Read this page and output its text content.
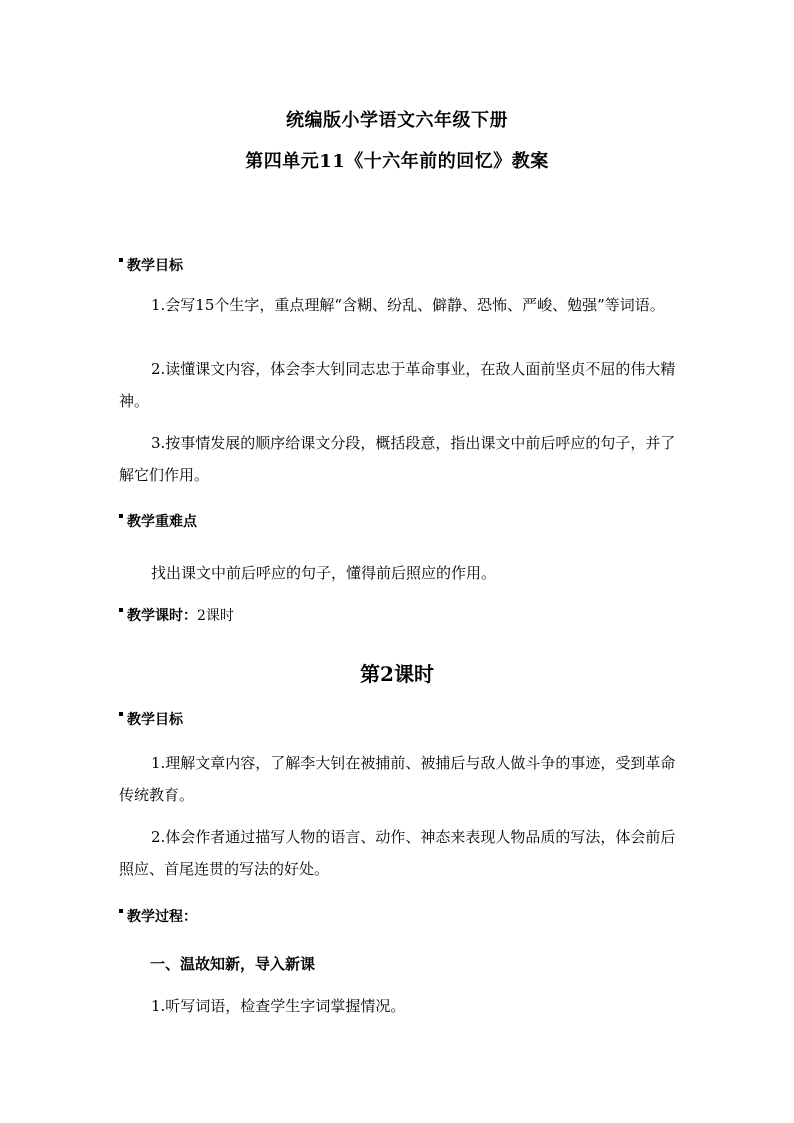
统编版小学语文六年级下册
第四单元11《十六年前的回忆》教案
教学目标
1.会写15个生字，重点理解“含糊、纷乱、僻静、恐怖、严峻、勉强”等词语。
2.读懂课文内容，体会李大钊同志忠于革命事业，在敌人面前坚贞不屈的伟大精神。
3.按事情发展的顺序给课文分段，概括段意，指出课文中前后呼应的句子，并了解它们作用。
教学重难点
找出课文中前后呼应的句子，懂得前后照应的作用。
教学课时：2课时
第2课时
教学目标
1.理解文章内容，了解李大钊在被捕前、被捕后与敌人做斗争的事迹，受到革命传统教育。
2.体会作者通过描写人物的语言、动作、神态来表现人物品质的写法，体会前后照应、首尾连贯的写法的好处。
教学过程：
一、温故知新，导入新课
1.听写词语，检查学生字词掌握情况。
